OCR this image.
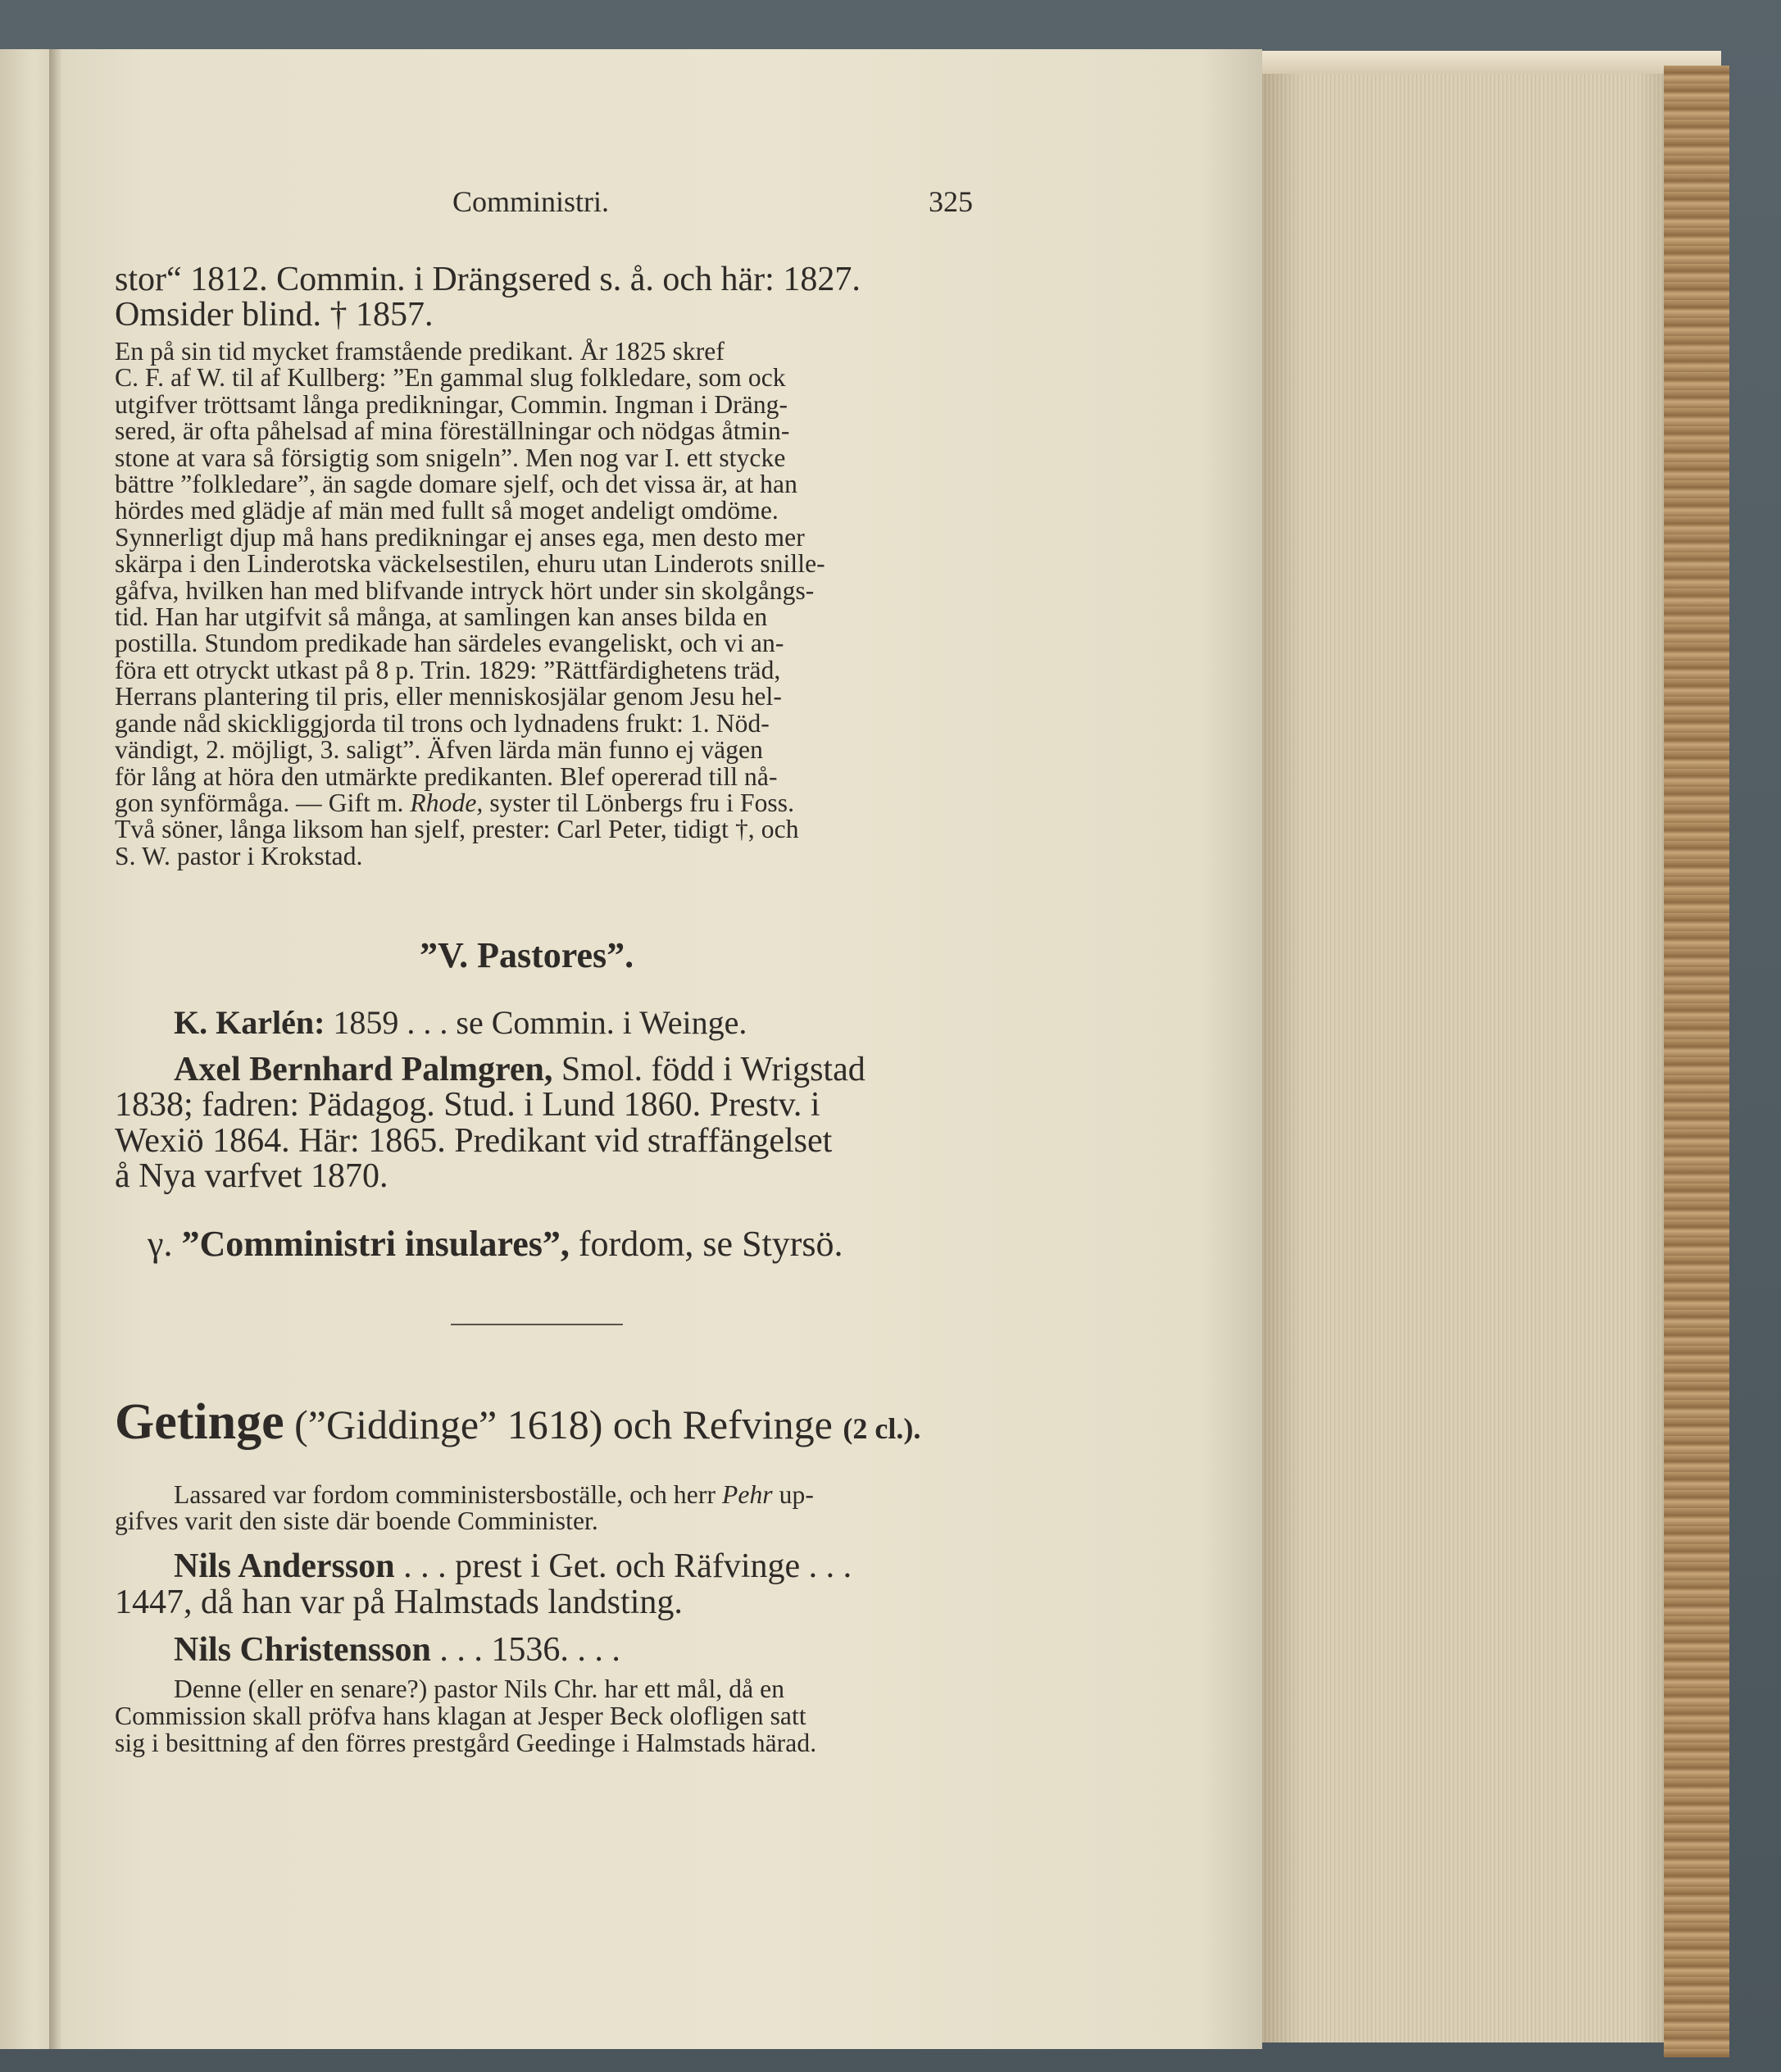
Comministri.	325
stor“ 1812. Commin. i Drängsered s. å. och här: 1827.
Omsider blind. † 1857.
En på sin tid mycket framstående predikant. År 1825 skref
C. F. af W. til af Kullberg: ”En gammal slug folkledare, som ock
utgifver tröttsamt långa predikningar, Commin. Ingman i Dräng-
sered, är ofta påhelsad af mina föreställningar och nödgas åtmin-
stone at vara så försigtig som snigeln”. Men nog var I. ett stycke
bättre ”folkledare”, än sagde domare sjelf, och det vissa är, at han
hördes med glädje af män med fullt så moget andeligt omdöme.
Synnerligt djup må hans predikningar ej anses ega, men desto mer
skärpa i den Linderotska väckelsestilen, ehuru utan Linderots snille-
gåfva, hvilken han med blifvande intryck hört under sin skolgångs-
tid. Han har utgifvit så många, at samlingen kan anses bilda en
postilla. Stundom predikade han särdeles evangeliskt, och vi an-
föra ett otryckt utkast på 8 p. Trin. 1829: ”Rättfärdighetens träd,
Herrans plantering til pris, eller menniskosjälar genom Jesu hel-
gande nåd skickliggjorda til trons och lydnadens frukt: 1. Nöd-
vändigt, 2. möjligt, 3. saligt”. Äfven lärda män funno ej vägen
för lång at höra den utmärkte predikanten. Blef opererad till nå-
gon synförmåga. — Gift m. Rhode, syster til Lönbergs fru i Foss.
Två söner, långa liksom han sjelf, prester: Carl Peter, tidigt †, och
S. W. pastor i Krokstad.
”V. Pastores”.
K. Karlén: 1859 . . . se Commin. i Weinge.
Axel Bernhard Palmgren, Smol. född i Wrigstad
1838; fadren: Pädagog. Stud. i Lund 1860. Prestv. i
Wexiö 1864. Här: 1865. Predikant vid straffängelset
å Nya varfvet 1870.
γ. ”Comministri insulares”, fordom, se Styrsö.
Getinge (”Giddinge” 1618) och Refvinge (2 cl.).
Lassared var fordom comministersboställe, och herr Pehr up-
gifves varit den siste där boende Comminister.
Nils Andersson . . . prest i Get. och Räfvinge . . .
1447, då han var på Halmstads landsting.
Nils Christensson . . . 1536. . . .
Denne (eller en senare?) pastor Nils Chr. har ett mål, då en
Commission skall pröfva hans klagan at Jesper Beck olofligen satt
sig i besittning af den förres prestgård Geedinge i Halmstads härad.
